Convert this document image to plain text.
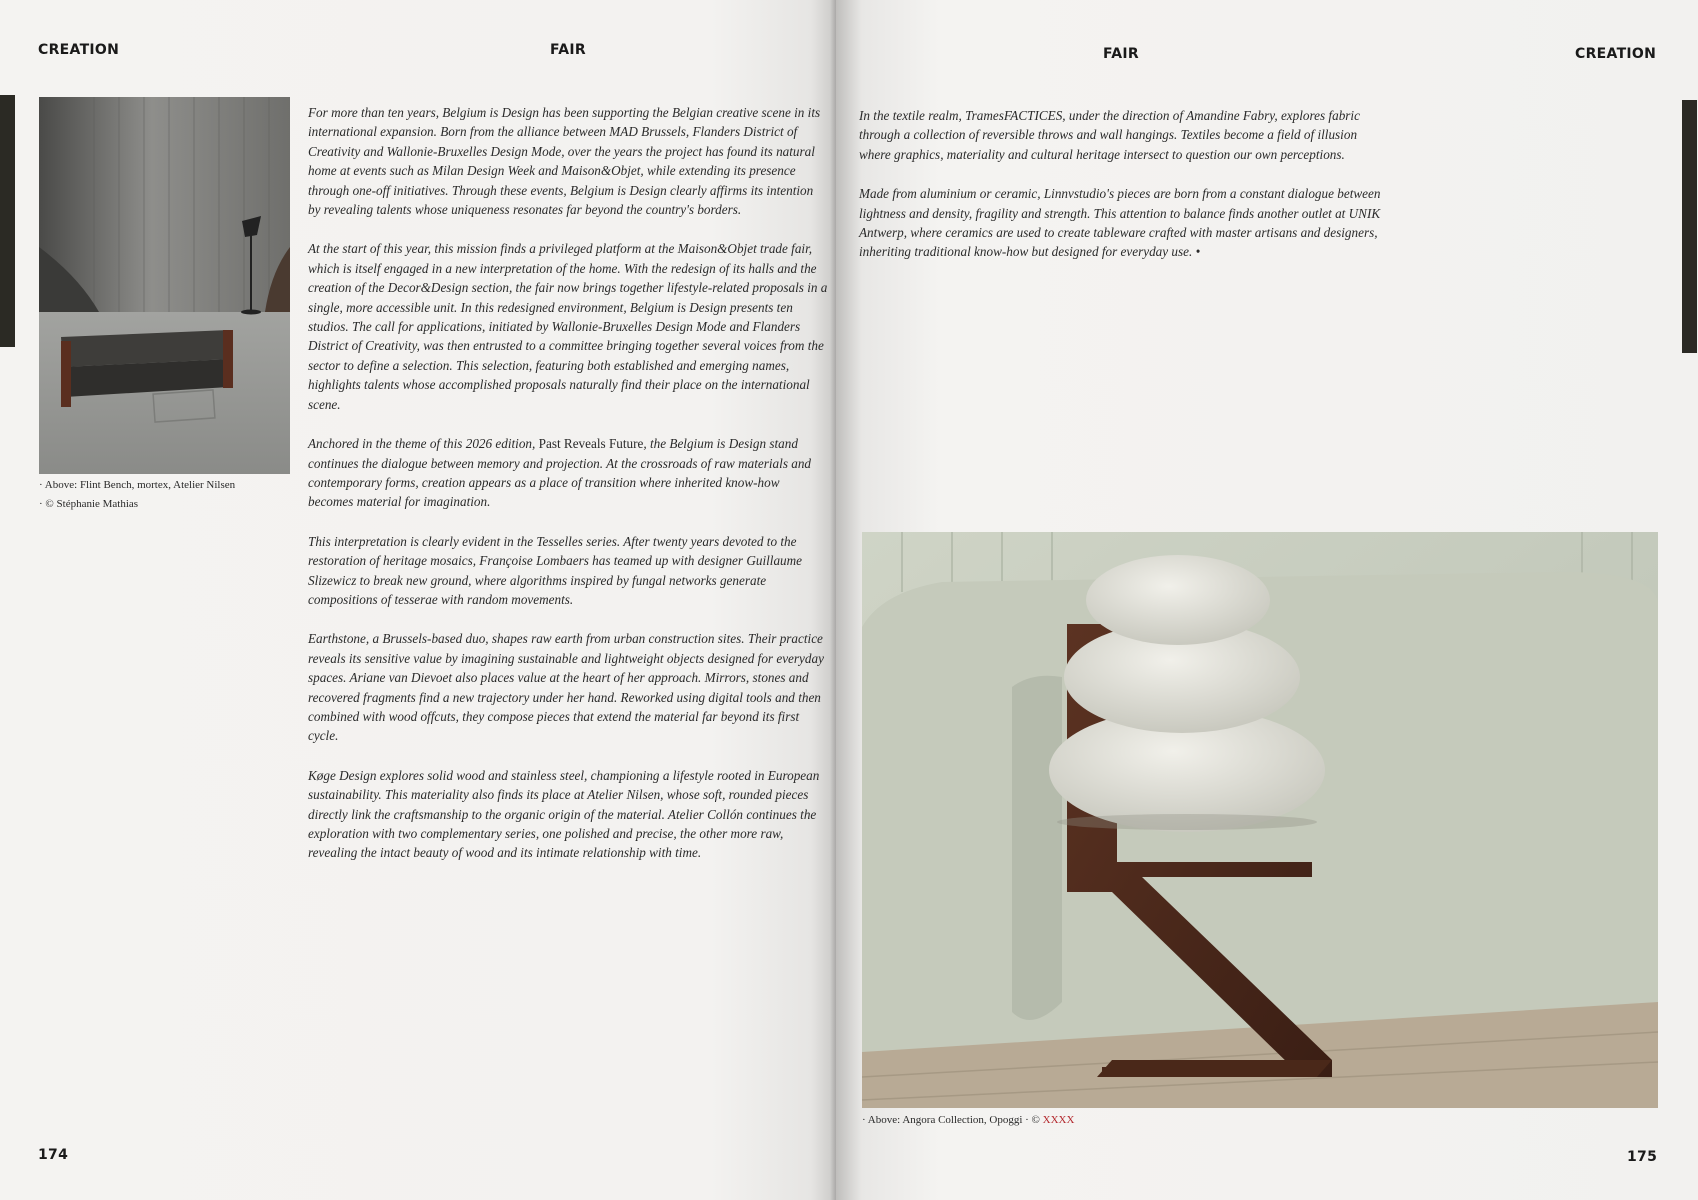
CREATION	FAIR
· Above: Flint Bench, mortex, Atelier Nilsen
· © Stéphanie Mathias

For more than ten years, Belgium is Design has been supporting the Belgian creative scene in its international expansion. Born from the alliance between MAD Brussels, Flanders District of Creativity and Wallonie-Bruxelles Design Mode, over the years the project has found its natural home at events such as Milan Design Week and Maison&Objet, while extending its presence through one-off initiatives. Through these events, Belgium is Design clearly affirms its intention by revealing talents whose uniqueness resonates far beyond the country's borders.

At the start of this year, this mission finds a privileged platform at the Maison&Objet trade fair, which is itself engaged in a new interpretation of the home. With the redesign of its halls and the creation of the Decor&Design section, the fair now brings together lifestyle-related proposals in a single, more accessible unit. In this redesigned environment, Belgium is Design presents ten studios. The call for applications, initiated by Wallonie-Bruxelles Design Mode and Flanders District of Creativity, was then entrusted to a committee bringing together several voices from the sector to define a selection. This selection, featuring both established and emerging names, highlights talents whose accomplished proposals naturally find their place on the international scene.

Anchored in the theme of this 2026 edition, Past Reveals Future, the Belgium is Design stand continues the dialogue between memory and projection. At the crossroads of raw materials and contemporary forms, creation appears as a place of transition where inherited know-how becomes material for imagination.

This interpretation is clearly evident in the Tesselles series. After twenty years devoted to the restoration of heritage mosaics, Françoise Lombaers has teamed up with designer Guillaume Slizewicz to break new ground, where algorithms inspired by fungal networks generate compositions of tesserae with random movements.

Earthstone, a Brussels-based duo, shapes raw earth from urban construction sites. Their practice reveals its sensitive value by imagining sustainable and lightweight objects designed for everyday spaces. Ariane van Dievoet also places value at the heart of her approach. Mirrors, stones and recovered fragments find a new trajectory under her hand. Reworked using digital tools and then combined with wood offcuts, they compose pieces that extend the material far beyond its first cycle.

Køge Design explores solid wood and stainless steel, championing a lifestyle rooted in European sustainability. This materiality also finds its place at Atelier Nilsen, whose soft, rounded pieces directly link the craftsmanship to the organic origin of the material. Atelier Collón continues the exploration with two complementary series, one polished and precise, the other more raw, revealing the intact beauty of wood and its intimate relationship with time.

174
FAIR	CREATION

In the textile realm, TramesFACTICES, under the direction of Amandine Fabry, explores fabric through a collection of reversible throws and wall hangings. Textiles become a field of illusion where graphics, materiality and cultural heritage intersect to question our own perceptions.

Made from aluminium or ceramic, Linnvstudio's pieces are born from a constant dialogue between lightness and density, fragility and strength. This attention to balance finds another outlet at UNIK Antwerp, where ceramics are used to create tableware crafted with master artisans and designers, inheriting traditional know-how but designed for everyday use. •

· Above: Angora Collection, Opoggi · © XXXX
175
